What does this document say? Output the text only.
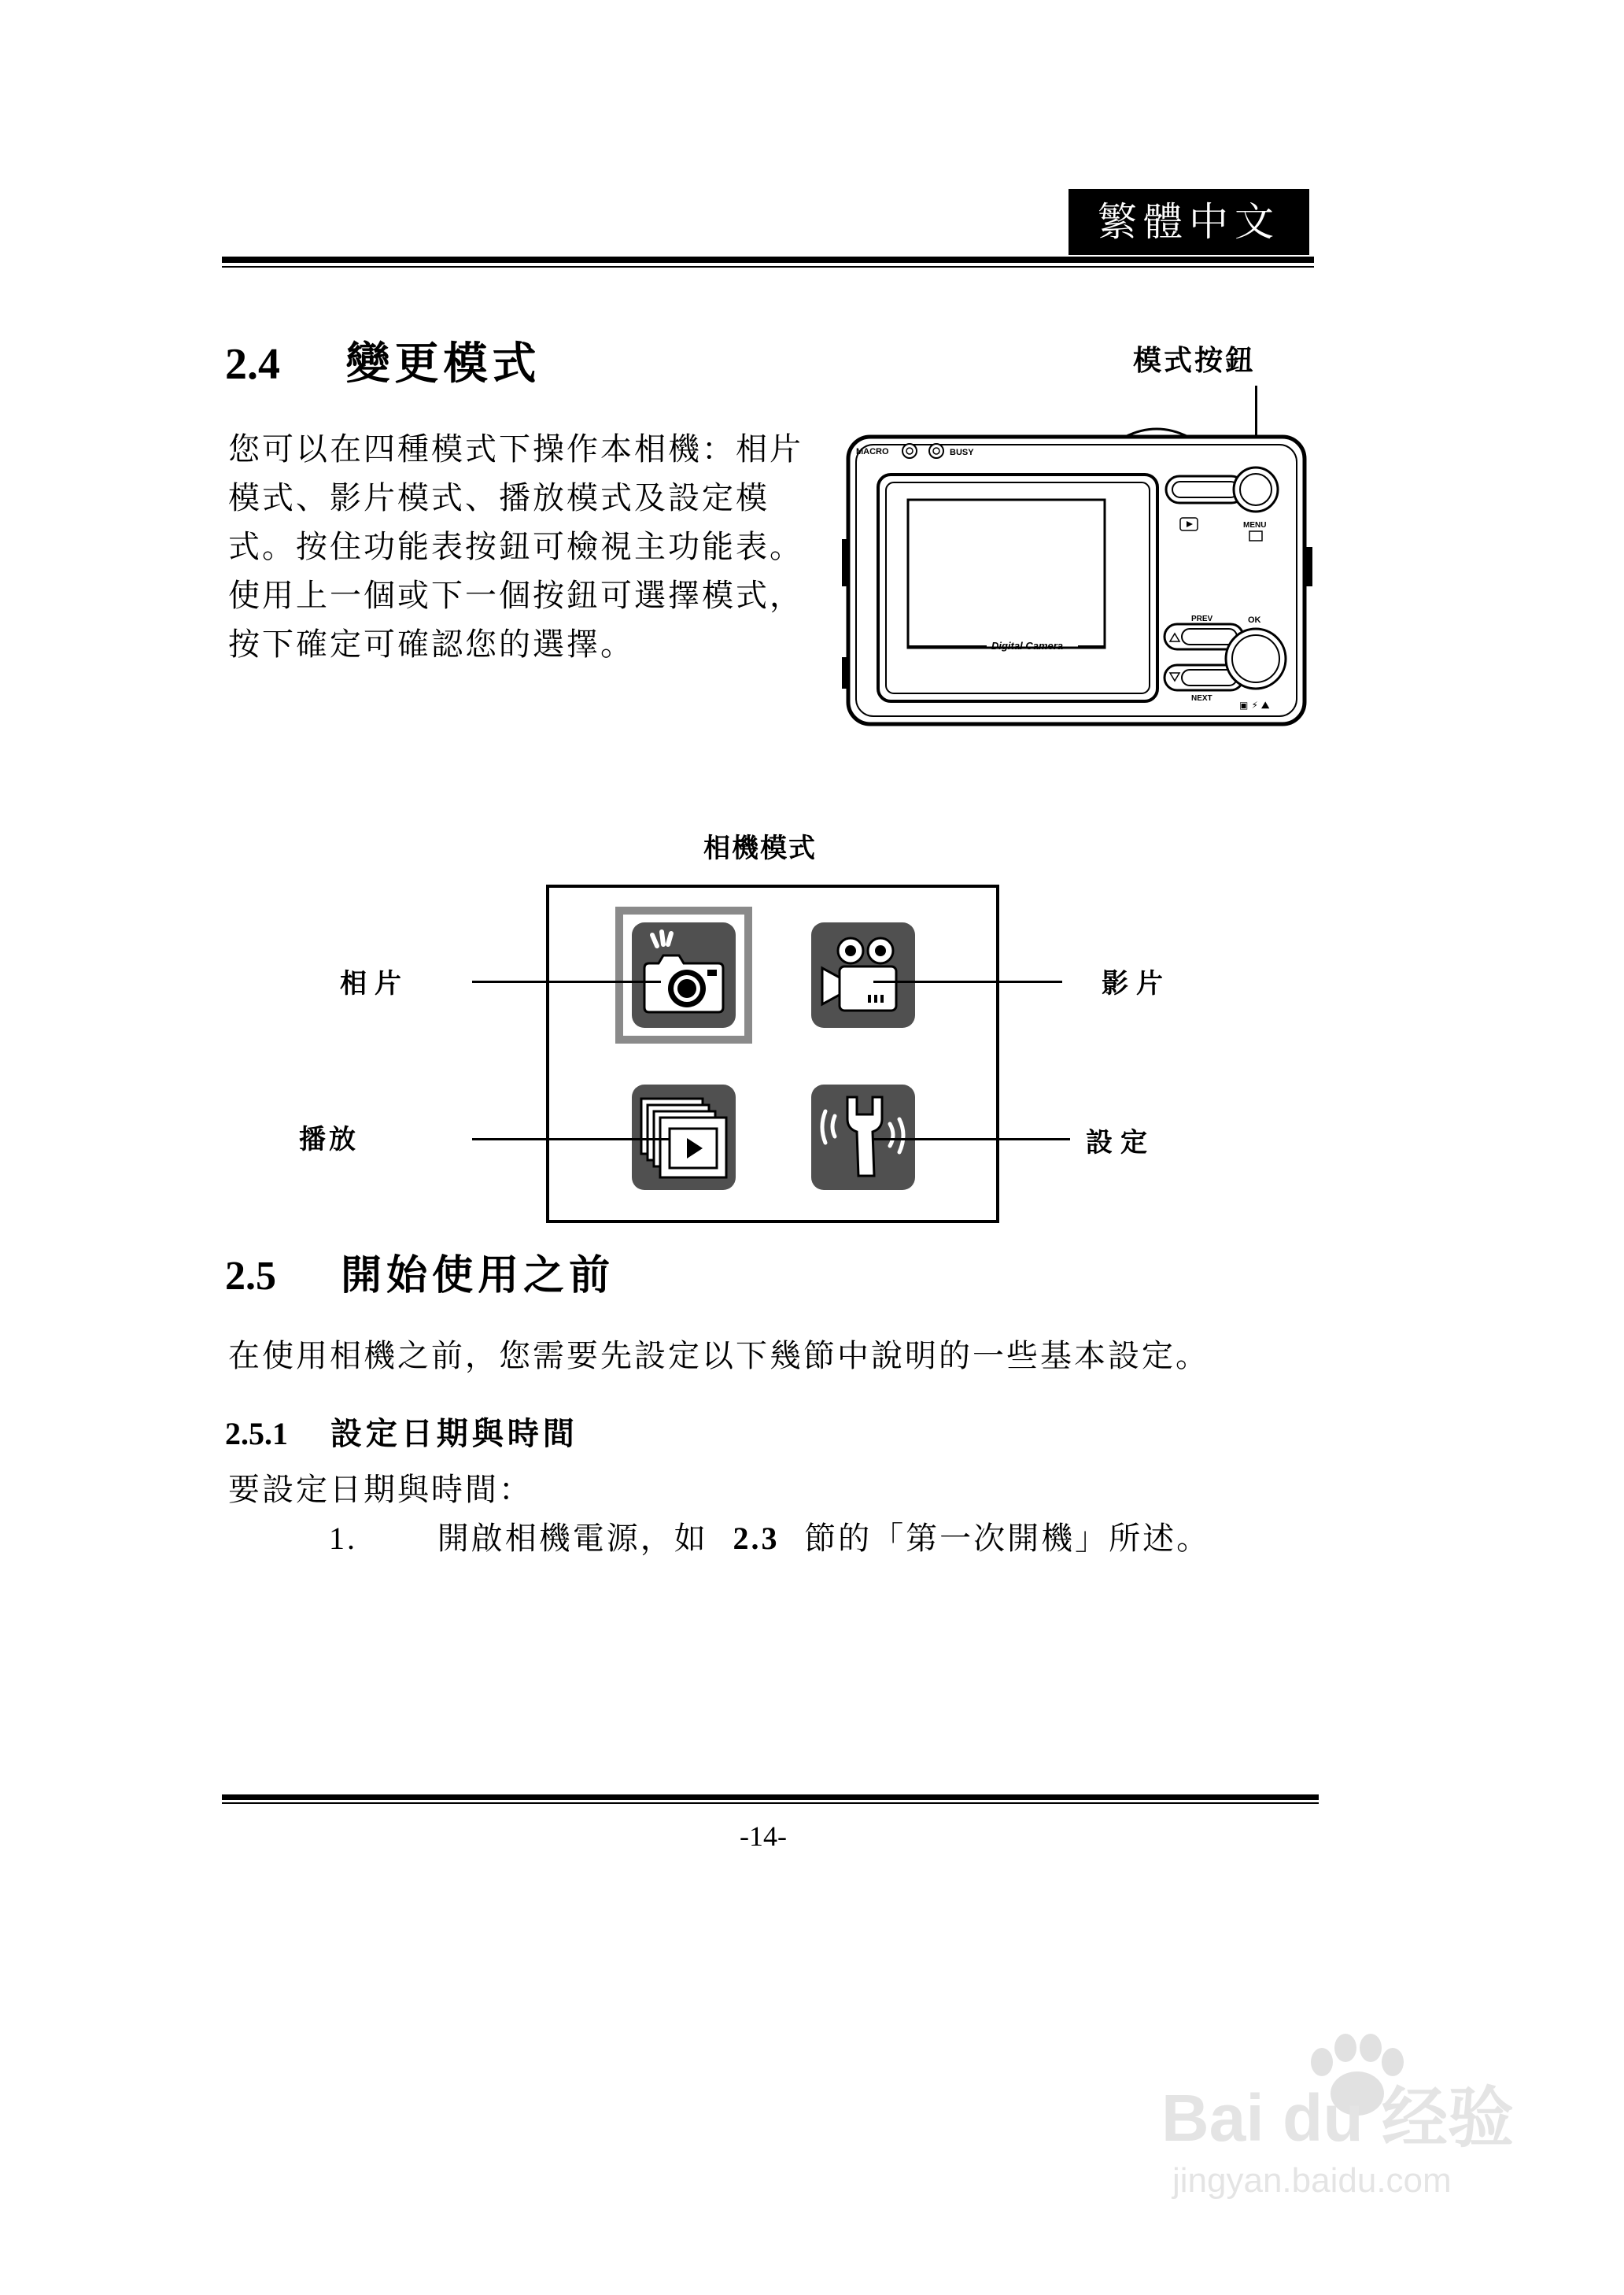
繁體中文
2.4 變更模式
您可以在四種模式下操作本相機：相片模式、影片模式、播放模式及設定模式。按住功能表按鈕可檢視主功能表。使用上一個或下一個按鈕可選擇模式，按下確定可確認您的選擇。
模式按鈕
MACRO	BUSY
Digital Camera
MENU
PREV
NEXT
OK
▣ ⚡ ⛰
相機模式
相片	影片
播放	設定
2.5 開始使用之前
在使用相機之前，您需要先設定以下幾節中說明的一些基本設定。
2.5.1 設定日期與時間
要設定日期與時間：
1.	開啟相機電源，如 2.3 節的「第一次開機」所述。
-14-
Bai du 经验
jingyan.baidu.com
